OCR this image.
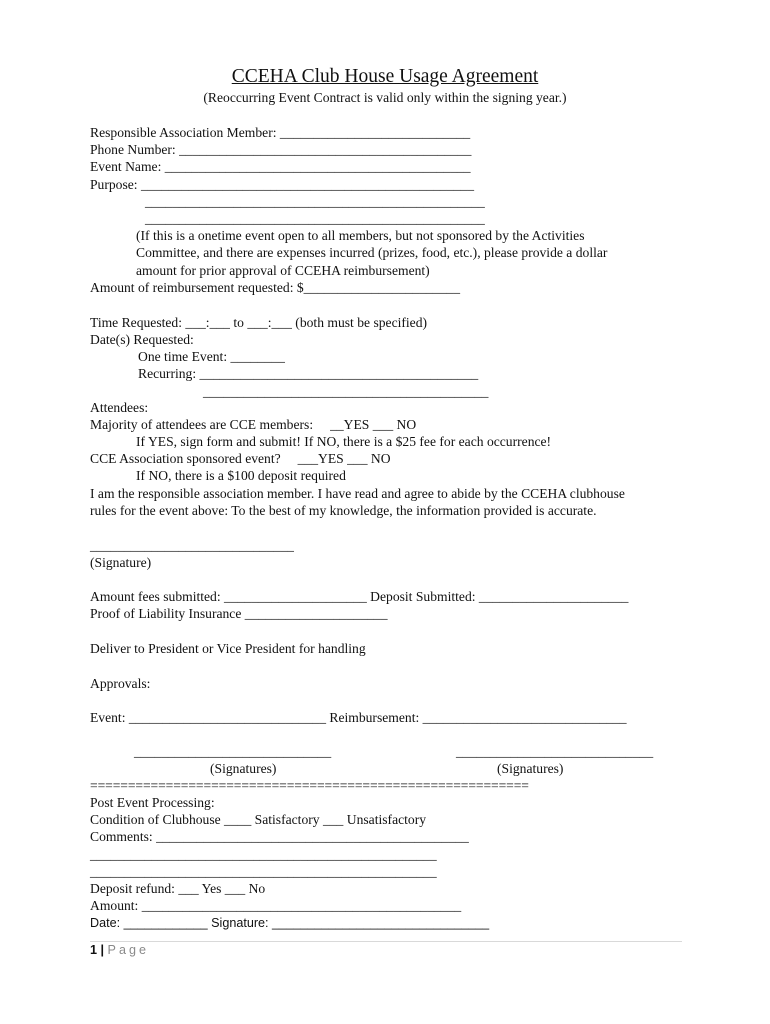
CCEHA Club House Usage Agreement
(Reoccurring Event Contract is valid only within the signing year.)
Responsible Association Member: ____________________________
Phone Number: ___________________________________________
Event Name: _____________________________________________
Purpose: _________________________________________________
__________________________________________________
__________________________________________________
(If this is a onetime event open to all members, but not sponsored by the Activities
Committee, and there are expenses incurred (prizes, food, etc.), please provide a dollar
amount for prior approval of CCEHA reimbursement)
Amount of reimbursement requested: $_______________________
Time Requested: ___:___ to ___:___ (both must be specified)
Date(s) Requested:
One time Event: ________
Recurring: _________________________________________
__________________________________________
Attendees:
Majority of attendees are CCE members:     __YES ___ NO
If YES, sign form and submit! If NO, there is a $25 fee for each occurrence!
CCE Association sponsored event?     ___YES ___ NO
If NO, there is a $100 deposit required
I am the responsible association member. I have read and agree to abide by the CCEHA clubhouse
rules for the event above: To the best of my knowledge, the information provided is accurate.
______________________________
(Signature)
Amount fees submitted: _____________________ Deposit Submitted: ______________________
Proof of Liability Insurance _____________________
Deliver to President or Vice President for handling
Approvals:
Event: _____________________________ Reimbursement: ______________________________
_____________________________	_____________________________
(Signatures)	(Signatures)
==========================================================
Post Event Processing:
Condition of Clubhouse ____ Satisfactory ___ Unsatisfactory
Comments: ______________________________________________
___________________________________________________
___________________________________________________
Deposit refund: ___ Yes ___ No
Amount: _______________________________________________
Date: ____________ Signature: _______________________________
1 | Page
